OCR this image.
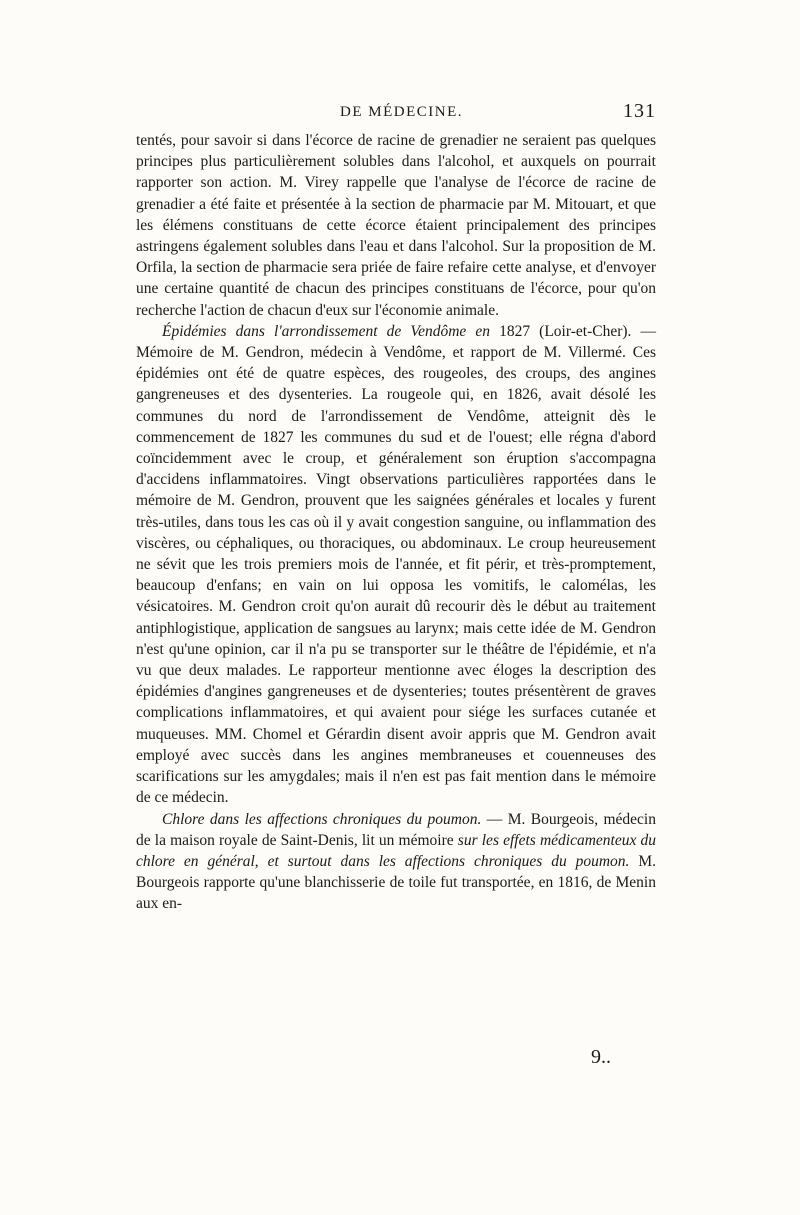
DE MÉDECINE.	131

tentés, pour savoir si dans l'écorce de racine de grenadier ne seraient pas quelques principes plus particulièrement solubles dans l'alcohol, et auxquels on pourrait rapporter son action. M. Virey rappelle que l'analyse de l'écorce de racine de grenadier a été faite et présentée à la section de pharmacie par M. Mitouart, et que les élémens constituans de cette écorce étaient principalement des principes astringens également solubles dans l'eau et dans l'alcohol. Sur la proposition de M. Orfila, la section de pharmacie sera priée de faire refaire cette analyse, et d'envoyer une certaine quantité de chacun des principes constituans de l'écorce, pour qu'on recherche l'action de chacun d'eux sur l'économie animale.

Épidémies dans l'arrondissement de Vendôme en 1827 (Loir-et-Cher). — Mémoire de M. Gendron, médecin à Vendôme, et rapport de M. Villermé. Ces épidémies ont été de quatre espèces, des rougeoles, des croups, des angines gangreneuses et des dysenteries. La rougeole qui, en 1826, avait désolé les communes du nord de l'arrondissement de Vendôme, atteignit dès le commencement de 1827 les communes du sud et de l'ouest; elle régna d'abord coïncidemment avec le croup, et généralement son éruption s'accompagna d'accidens inflammatoires. Vingt observations particulières rapportées dans le mémoire de M. Gendron, prouvent que les saignées générales et locales y furent très-utiles, dans tous les cas où il y avait congestion sanguine, ou inflammation des viscères, ou céphaliques, ou thoraciques, ou abdominaux. Le croup heureusement ne sévit que les trois premiers mois de l'année, et fit périr, et très-promptement, beaucoup d'enfans; en vain on lui opposa les vomitifs, le calomélas, les vésicatoires. M. Gendron croit qu'on aurait dû recourir dès le début au traitement antiphlogistique, application de sangsues au larynx; mais cette idée de M. Gendron n'est qu'une opinion, car il n'a pu se transporter sur le théâtre de l'épidémie, et n'a vu que deux malades. Le rapporteur mentionne avec éloges la description des épidémies d'angines gangreneuses et de dysenteries; toutes présentèrent de graves complications inflammatoires, et qui avaient pour siége les surfaces cutanée et muqueuses. MM. Chomel et Gérardin disent avoir appris que M. Gendron avait employé avec succès dans les angines membraneuses et couenneuses des scarifications sur les amygdales; mais il n'en est pas fait mention dans le mémoire de ce médecin.

Chlore dans les affections chroniques du poumon. — M. Bourgeois, médecin de la maison royale de Saint-Denis, lit un mémoire sur les effets médicamenteux du chlore en général, et surtout dans les affections chroniques du poumon. M. Bourgeois rapporte qu'une blanchisserie de toile fut transportée, en 1816, de Menin aux en-

9..
